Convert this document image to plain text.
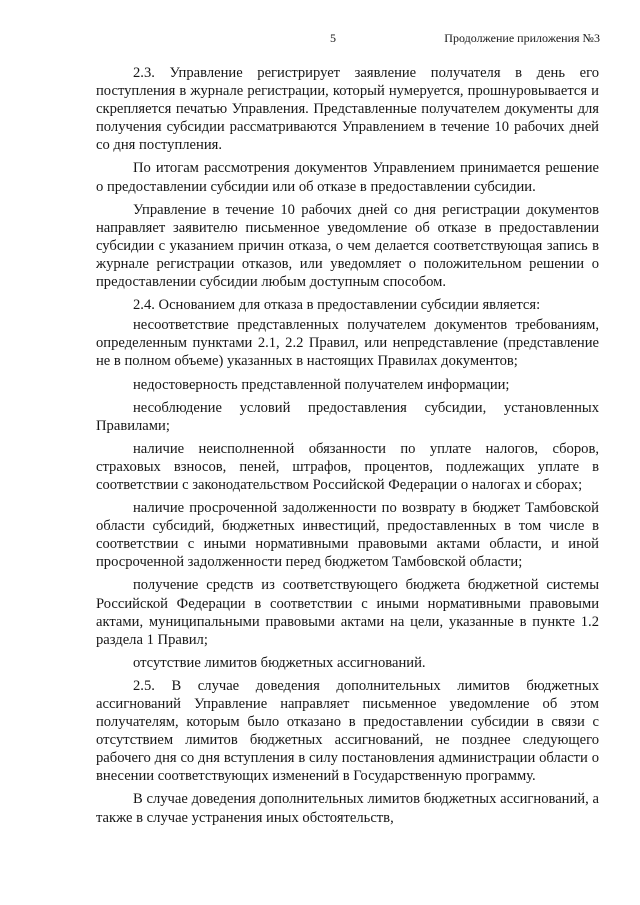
5	Продолжение приложения №3

2.3. Управление регистрирует заявление получателя в день его поступления в журнале регистрации, который нумеруется, прошнуровывается и скрепляется печатью Управления. Представленные получателем документы для получения субсидии рассматриваются Управлением в течение 10 рабочих дней со дня поступления.

По итогам рассмотрения документов Управлением принимается решение о предоставлении субсидии или об отказе в предоставлении субсидии.

Управление в течение 10 рабочих дней со дня регистрации документов направляет заявителю письменное уведомление об отказе в предоставлении субсидии с указанием причин отказа, о чем делается соответствующая запись в журнале регистрации отказов, или уведомляет о положительном решении о предоставлении субсидии любым доступным способом.

2.4. Основанием для отказа в предоставлении субсидии является:

несоответствие представленных получателем документов требованиям, определенным пунктами 2.1, 2.2 Правил, или непредставление (представление не в полном объеме) указанных в настоящих Правилах документов;

недостоверность представленной получателем информации;

несоблюдение условий предоставления субсидии, установленных Правилами;

наличие неисполненной обязанности по уплате налогов, сборов, страховых взносов, пеней, штрафов, процентов, подлежащих уплате в соответствии с законодательством Российской Федерации о налогах и сборах;

наличие просроченной задолженности по возврату в бюджет Тамбовской области субсидий, бюджетных инвестиций, предоставленных в том числе в соответствии с иными нормативными правовыми актами области, и иной просроченной задолженности перед бюджетом Тамбовской области;

получение средств из соответствующего бюджета бюджетной системы Российской Федерации в соответствии с иными нормативными правовыми актами, муниципальными правовыми актами на цели, указанные в пункте 1.2 раздела 1 Правил;

отсутствие лимитов бюджетных ассигнований.

2.5. В случае доведения дополнительных лимитов бюджетных ассигнований Управление направляет письменное уведомление об этом получателям, которым было отказано в предоставлении субсидии в связи с отсутствием лимитов бюджетных ассигнований, не позднее следующего рабочего дня со дня вступления в силу постановления администрации области о внесении соответствующих изменений в Государственную программу.

В случае доведения дополнительных лимитов бюджетных ассигнований, а также в случае устранения иных обстоятельств,
